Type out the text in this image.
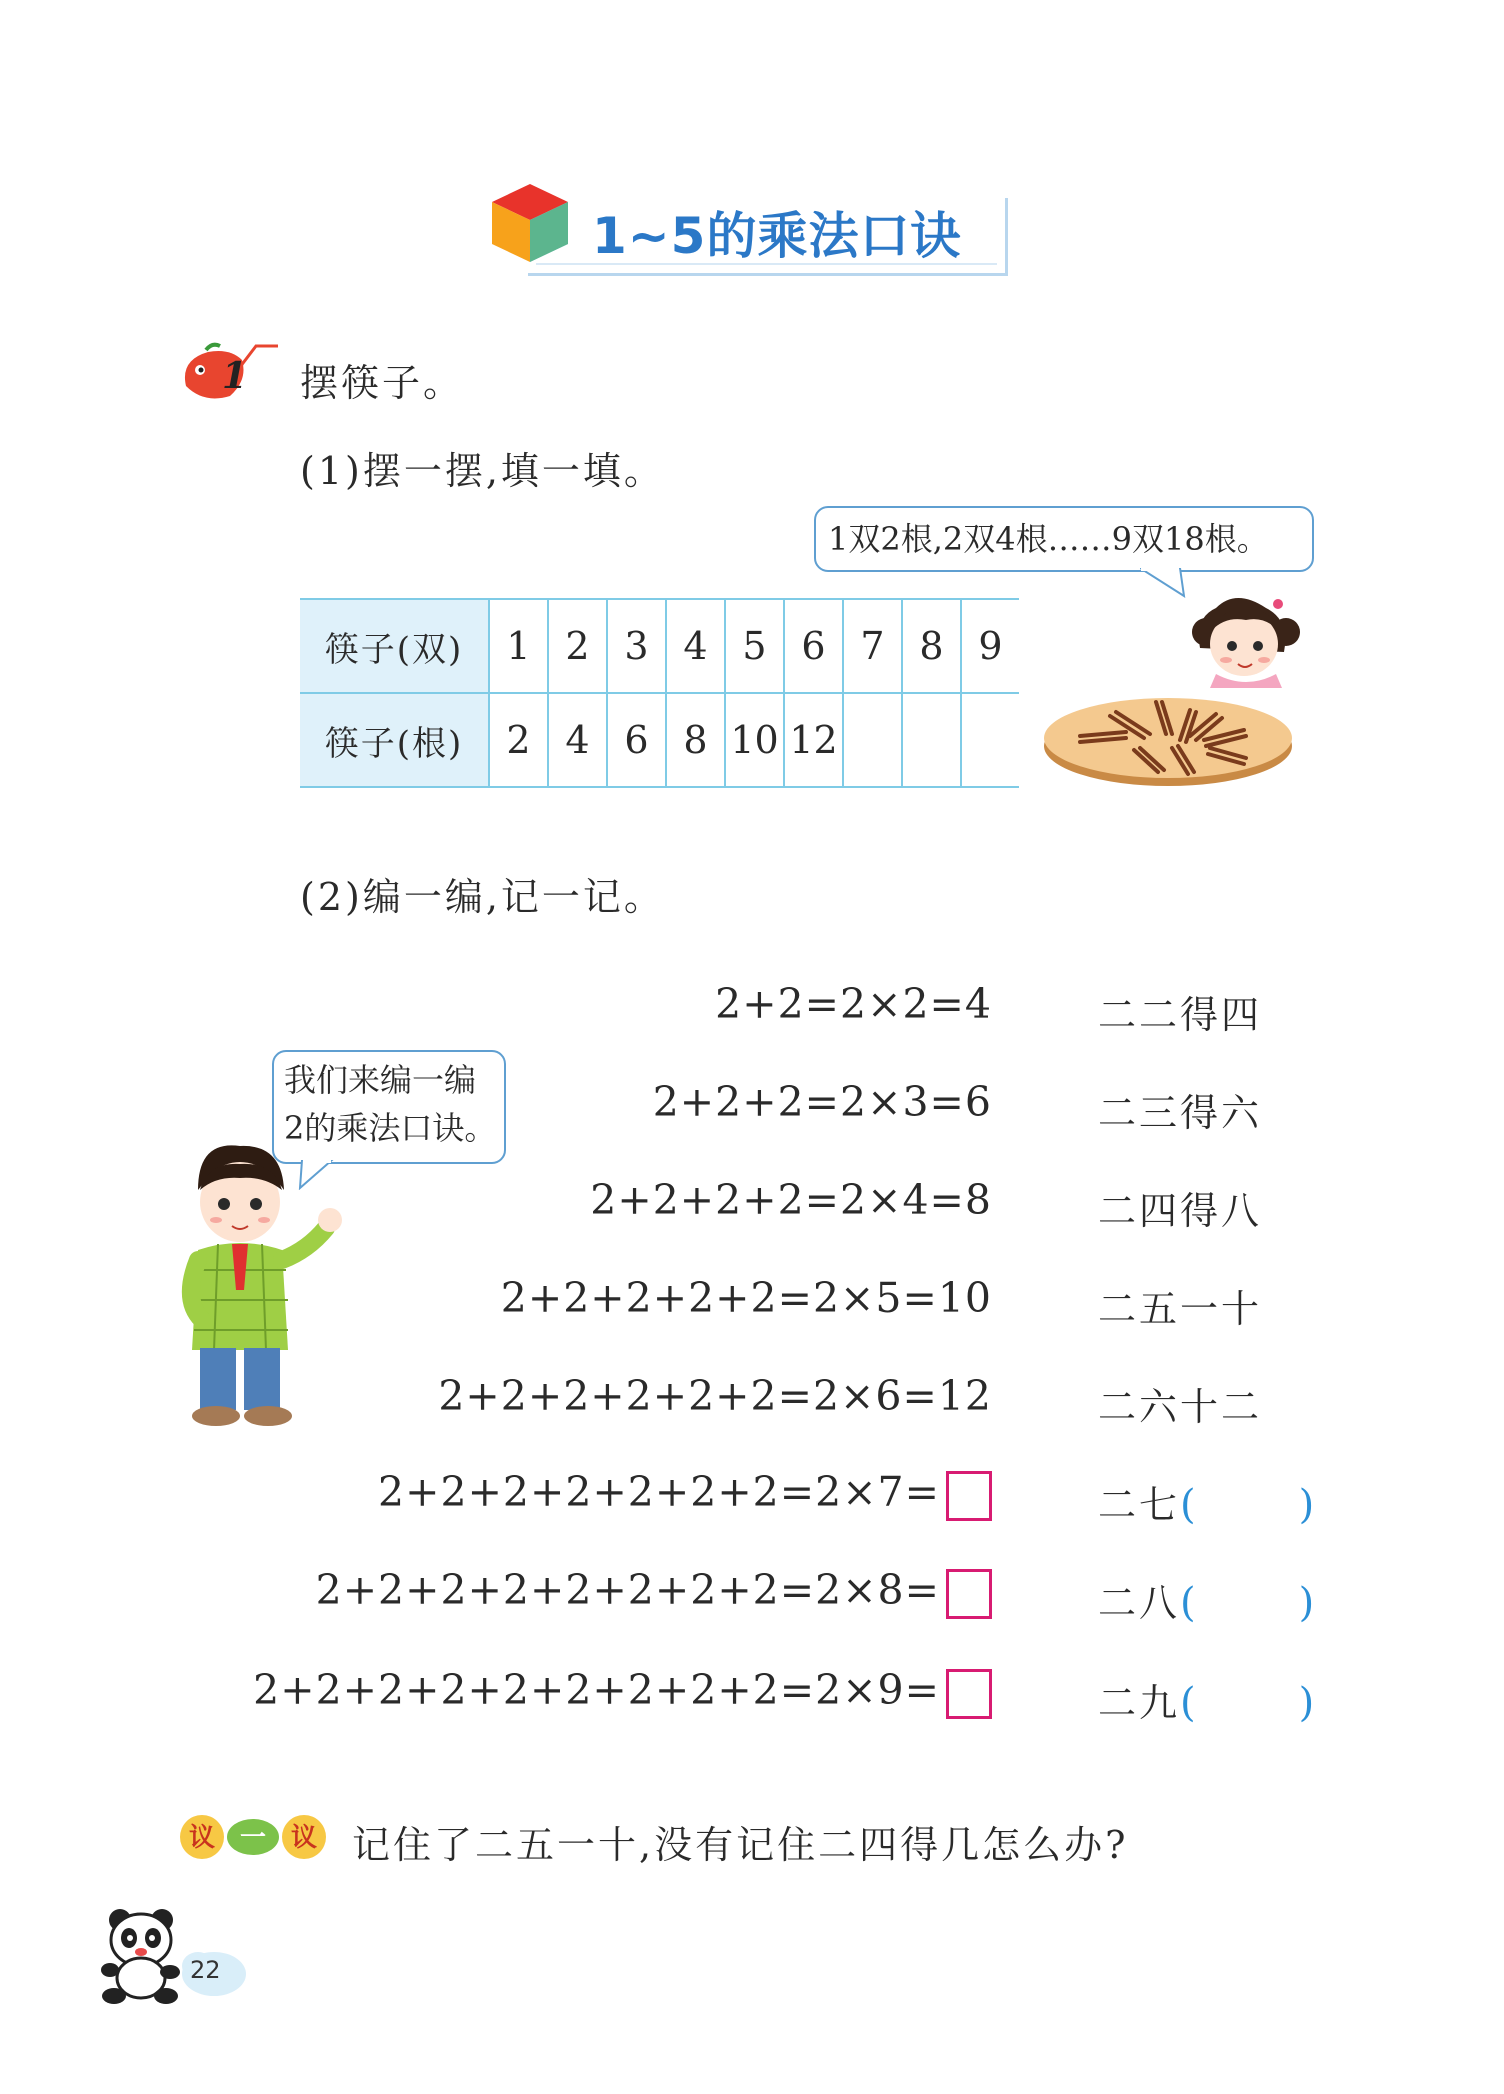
1~5的乘法口诀
1 摆筷子。
(1)摆一摆,填一填。
1双2根,2双4根……9双18根。
筷子(双)	1	2	3	4	5	6	7	8	9
筷子(根)	2	4	6	8	10	12			
(2)编一编,记一记。
我们来编一编
2的乘法口诀。
2+2=2×2=4	二二得四
2+2+2=2×3=6	二三得六
2+2+2+2=2×4=8	二四得八
2+2+2+2+2=2×5=10	二五一十
2+2+2+2+2+2=2×6=12	二六十二
2+2+2+2+2+2+2=2×7=	二七(	)
2+2+2+2+2+2+2+2=2×8=	二八(	)
2+2+2+2+2+2+2+2+2=2×9=	二九(	)
议 一 议 记住了二五一十,没有记住二四得几怎么办?
22
